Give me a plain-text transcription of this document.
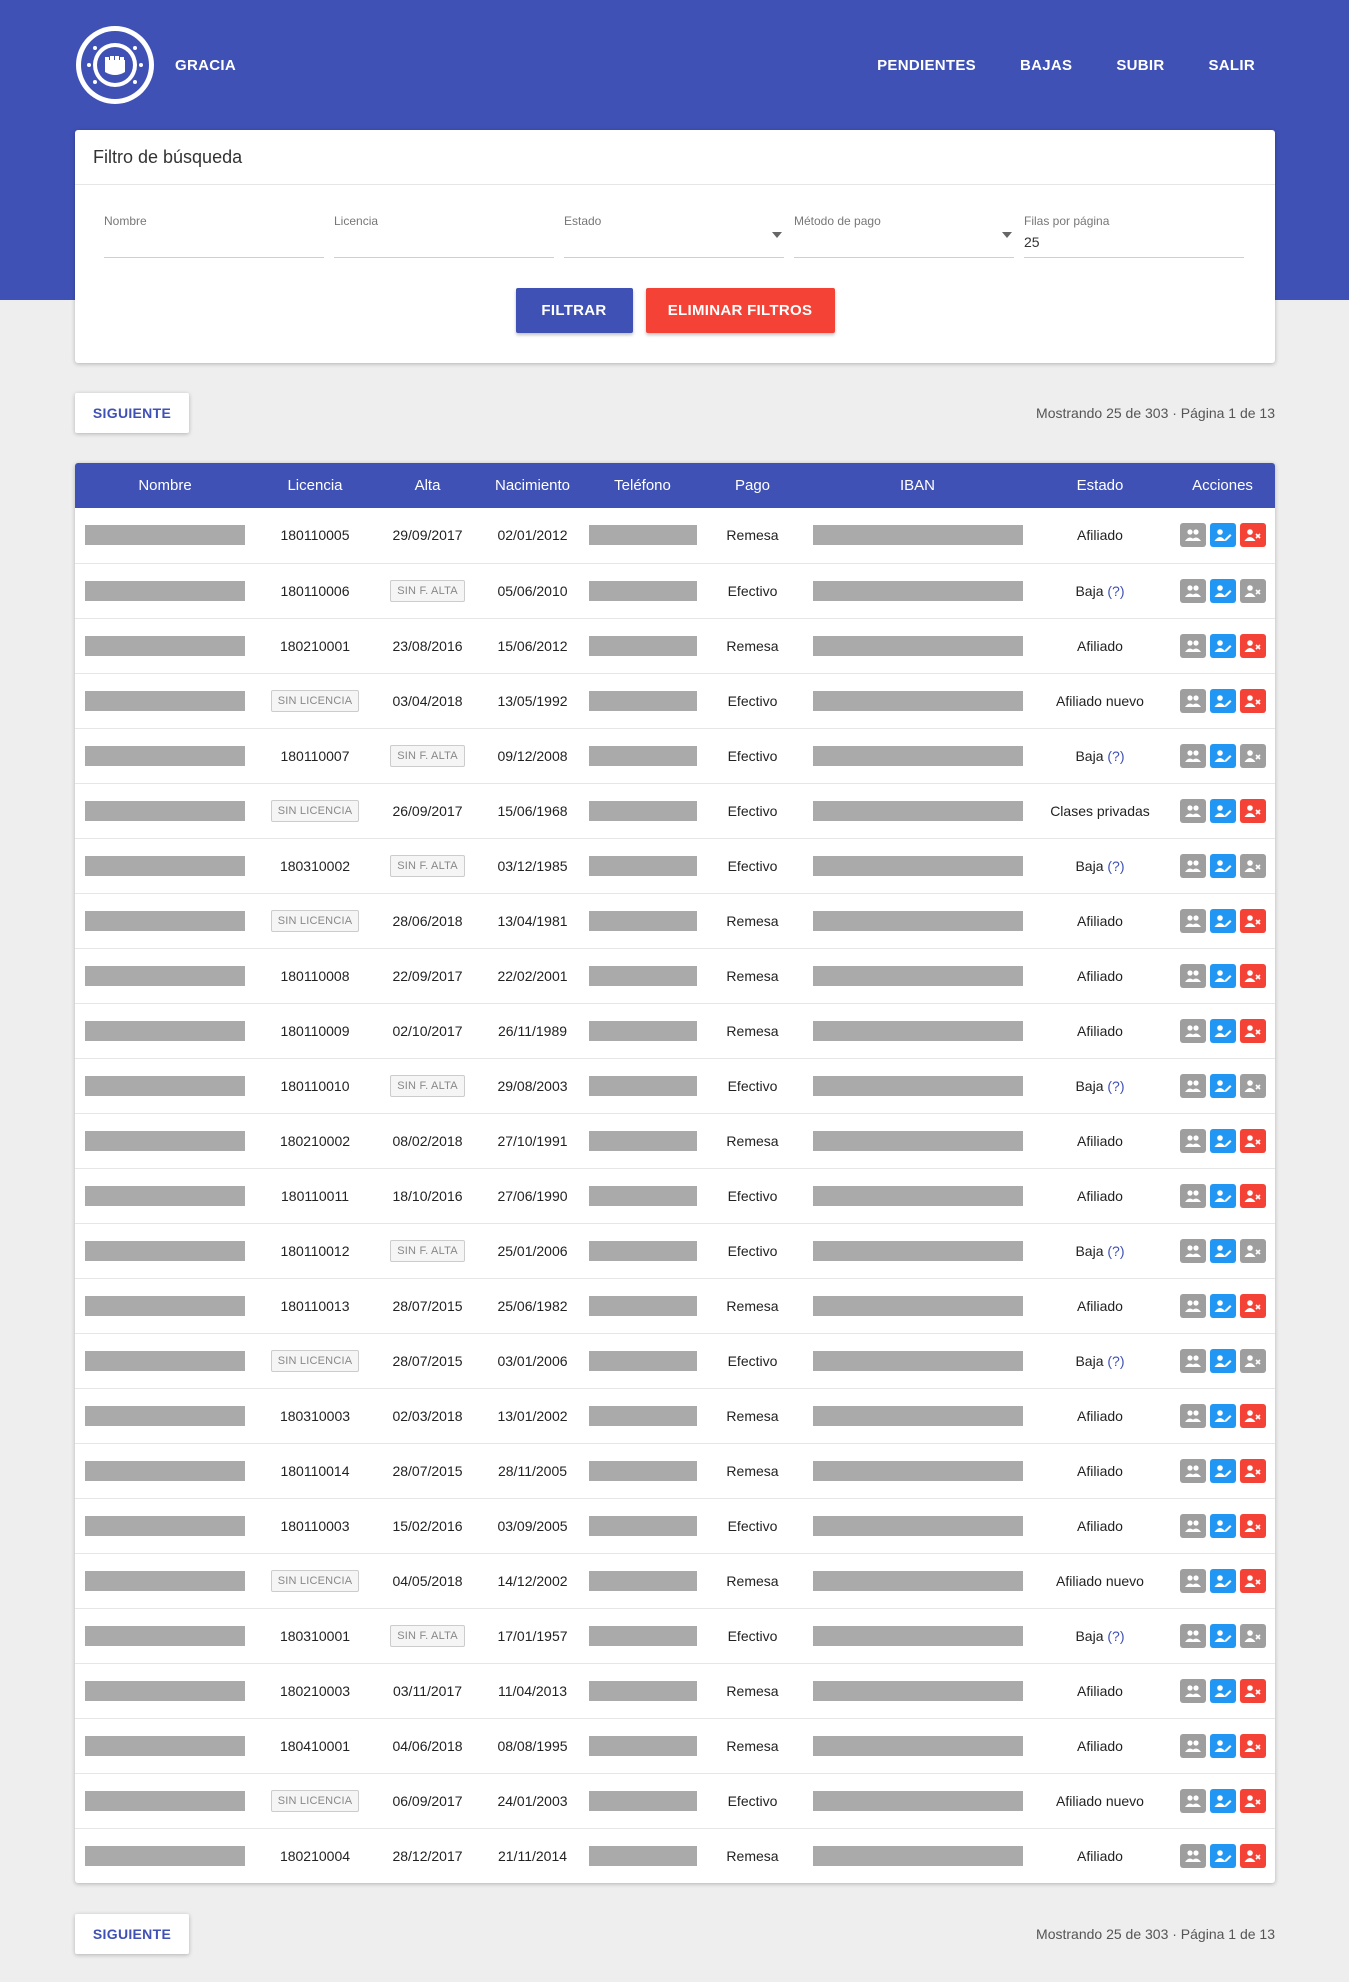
GRACIA	PENDIENTES	BAJAS	SUBIR	SALIR
Filtro de búsqueda
Nombre	Licencia	Estado	Método de pago	Filas por página
25
FILTRAR	ELIMINAR FILTROS
SIGUIENTE	Mostrando 25 de 303 · Página 1 de 13
Nombre	Licencia	Alta	Nacimiento	Teléfono	Pago	IBAN	Estado	Acciones

	180110005	29/09/2017	02/01/2012		Remesa		Afiliado	

	180110006	SIN F. ALTA	05/06/2010		Efectivo		Baja (?)	

	180210001	23/08/2016	15/06/2012		Remesa		Afiliado	

	SIN LICENCIA	03/04/2018	13/05/1992		Efectivo		Afiliado nuevo	

	180110007	SIN F. ALTA	09/12/2008		Efectivo		Baja (?)	

	SIN LICENCIA	26/09/2017	15/06/1968		Efectivo		Clases privadas	

	180310002	SIN F. ALTA	03/12/1985		Efectivo		Baja (?)	

	SIN LICENCIA	28/06/2018	13/04/1981		Remesa		Afiliado	

	180110008	22/09/2017	22/02/2001		Remesa		Afiliado	

	180110009	02/10/2017	26/11/1989		Remesa		Afiliado	

	180110010	SIN F. ALTA	29/08/2003		Efectivo		Baja (?)	

	180210002	08/02/2018	27/10/1991		Remesa		Afiliado	

	180110011	18/10/2016	27/06/1990		Efectivo		Afiliado	

	180110012	SIN F. ALTA	25/01/2006		Efectivo		Baja (?)	

	180110013	28/07/2015	25/06/1982		Remesa		Afiliado	

	SIN LICENCIA	28/07/2015	03/01/2006		Efectivo		Baja (?)	

	180310003	02/03/2018	13/01/2002		Remesa		Afiliado	

	180110014	28/07/2015	28/11/2005		Remesa		Afiliado	

	180110003	15/02/2016	03/09/2005		Efectivo		Afiliado	

	SIN LICENCIA	04/05/2018	14/12/2002		Remesa		Afiliado nuevo	

	180310001	SIN F. ALTA	17/01/1957		Efectivo		Baja (?)	

	180210003	03/11/2017	11/04/2013		Remesa		Afiliado	

	180410001	04/06/2018	08/08/1995		Remesa		Afiliado	

	SIN LICENCIA	06/09/2017	24/01/2003		Efectivo		Afiliado nuevo	

	180210004	28/12/2017	21/11/2014		Remesa		Afiliado	
SIGUIENTE	Mostrando 25 de 303 · Página 1 de 13
